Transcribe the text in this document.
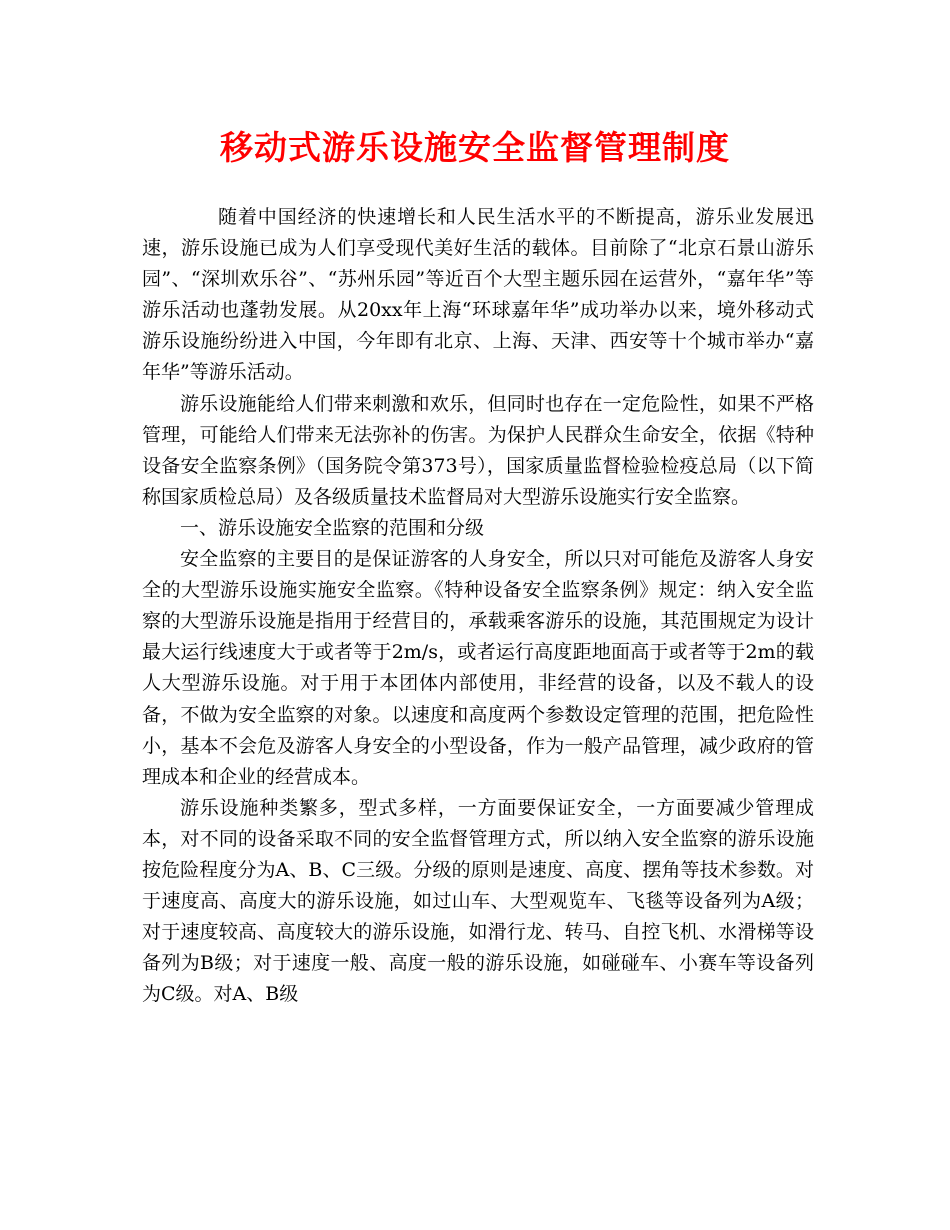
移动式游乐设施安全监督管理制度

随着中国经济的快速增长和人民生活水平的不断提高，游乐业发展迅速，游乐设施已成为人们享受现代美好生活的载体。目前除了“北京石景山游乐园”、“深圳欢乐谷”、“苏州乐园”等近百个大型主题乐园在运营外，“嘉年华”等游乐活动也蓬勃发展。从20xx年上海“环球嘉年华”成功举办以来，境外移动式游乐设施纷纷进入中国，今年即有北京、上海、天津、西安等十个城市举办“嘉年华”等游乐活动。

游乐设施能给人们带来刺激和欢乐，但同时也存在一定危险性，如果不严格管理，可能给人们带来无法弥补的伤害。为保护人民群众生命安全，依据《特种设备安全监察条例》（国务院令第373号），国家质量监督检验检疫总局（以下简称国家质检总局）及各级质量技术监督局对大型游乐设施实行安全监察。

一、游乐设施安全监察的范围和分级

安全监察的主要目的是保证游客的人身安全，所以只对可能危及游客人身安全的大型游乐设施实施安全监察。《特种设备安全监察条例》规定：纳入安全监察的大型游乐设施是指用于经营目的，承载乘客游乐的设施，其范围规定为设计最大运行线速度大于或者等于2m/s，或者运行高度距地面高于或者等于2m的载人大型游乐设施。对于用于本团体内部使用，非经营的设备，以及不载人的设备，不做为安全监察的对象。以速度和高度两个参数设定管理的范围，把危险性小，基本不会危及游客人身安全的小型设备，作为一般产品管理，减少政府的管理成本和企业的经营成本。

游乐设施种类繁多，型式多样，一方面要保证安全，一方面要减少管理成本，对不同的设备采取不同的安全监督管理方式，所以纳入安全监察的游乐设施按危险程度分为A、B、C三级。分级的原则是速度、高度、摆角等技术参数。对于速度高、高度大的游乐设施，如过山车、大型观览车、飞毯等设备列为A级；对于速度较高、高度较大的游乐设施，如滑行龙、转马、自控飞机、水滑梯等设备列为B级；对于速度一般、高度一般的游乐设施，如碰碰车、小赛车等设备列为C级。对A、B级
